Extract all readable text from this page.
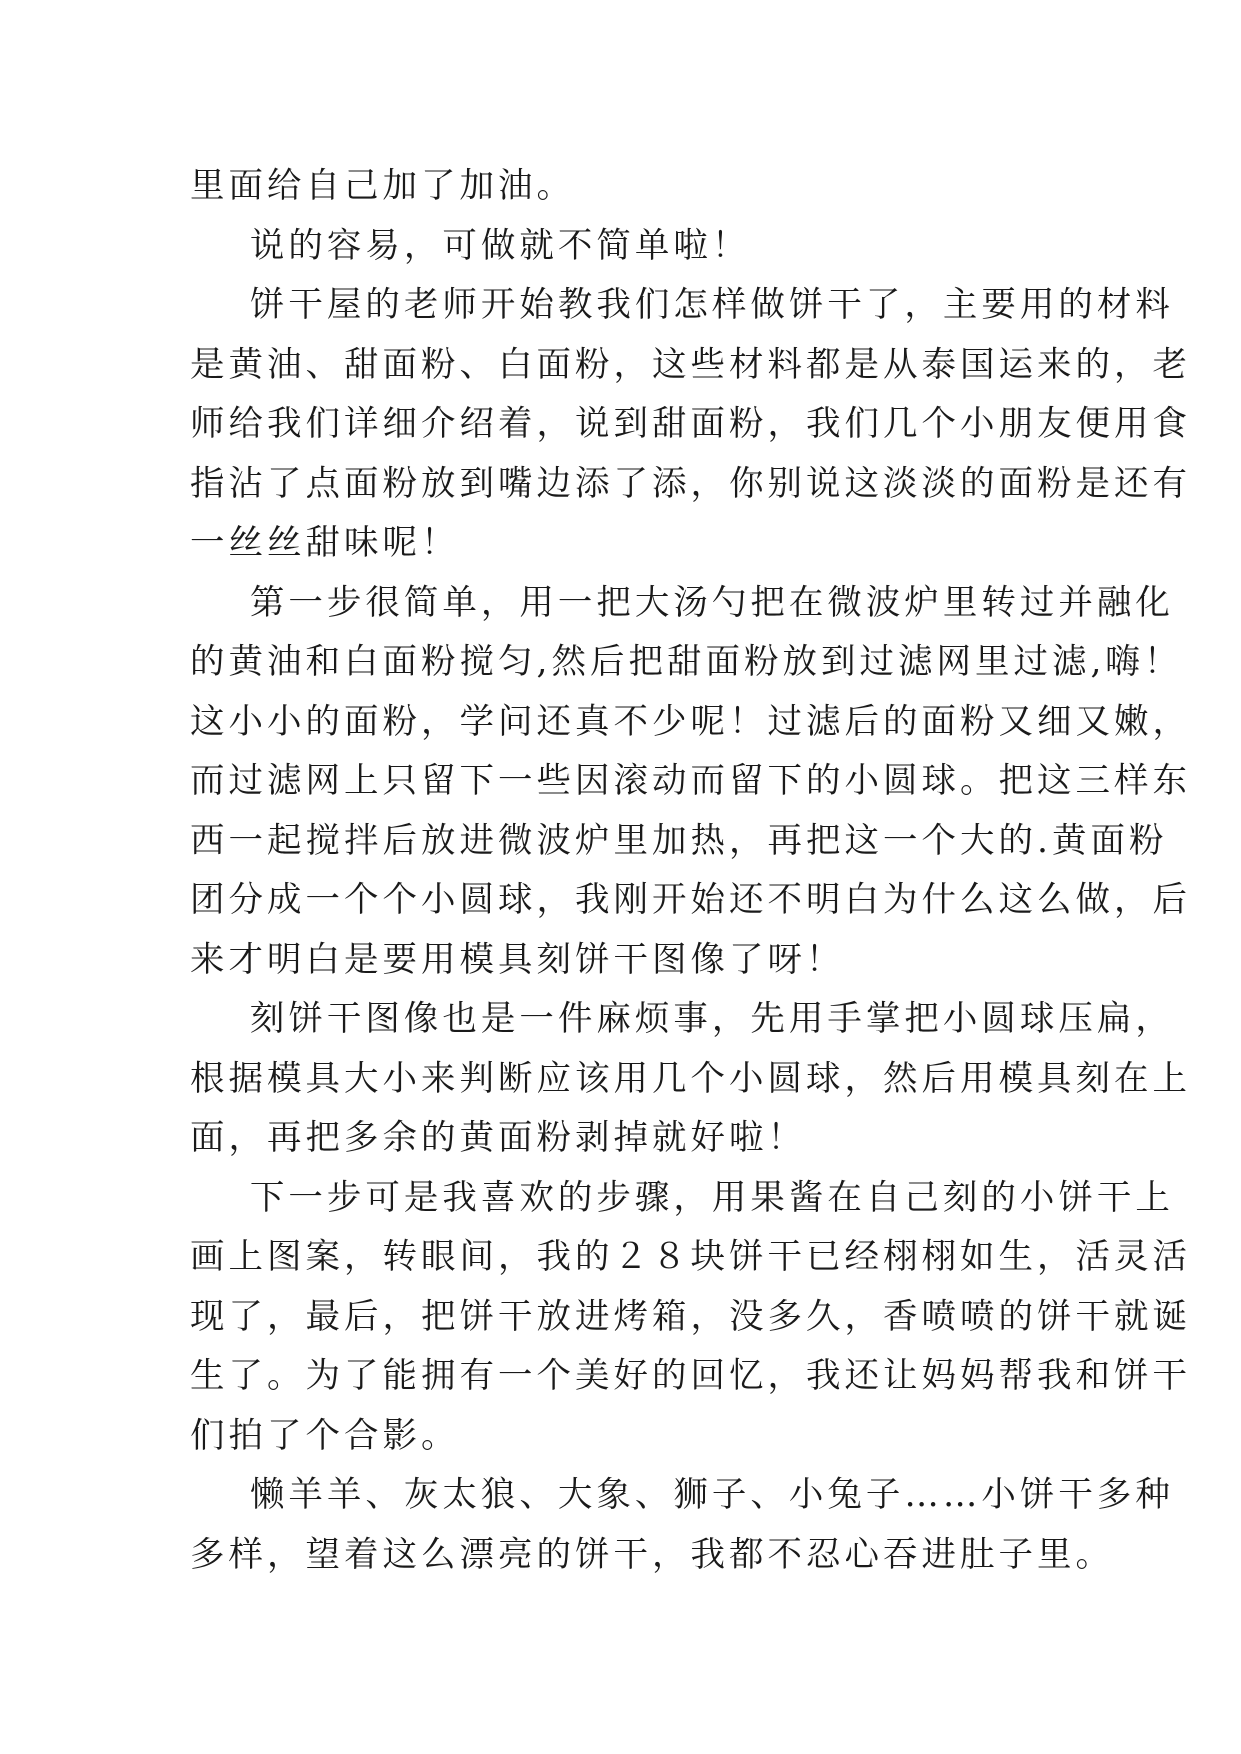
里面给自己加了加油。
说的容易，可做就不简单啦！
饼干屋的老师开始教我们怎样做饼干了，主要用的材料
是黄油、甜面粉、白面粉，这些材料都是从泰国运来的，老
师给我们详细介绍着，说到甜面粉，我们几个小朋友便用食
指沾了点面粉放到嘴边添了添，你别说这淡淡的面粉是还有
一丝丝甜味呢！
第一步很简单，用一把大汤勺把在微波炉里转过并融化
的黄油和白面粉搅匀,然后把甜面粉放到过滤网里过滤,嗨！
这小小的面粉，学问还真不少呢！过滤后的面粉又细又嫩，
而过滤网上只留下一些因滚动而留下的小圆球。把这三样东
西一起搅拌后放进微波炉里加热，再把这一个大的.黄面粉
团分成一个个小圆球，我刚开始还不明白为什么这么做，后
来才明白是要用模具刻饼干图像了呀！
刻饼干图像也是一件麻烦事，先用手掌把小圆球压扁，
根据模具大小来判断应该用几个小圆球，然后用模具刻在上
面，再把多余的黄面粉剥掉就好啦！
下一步可是我喜欢的步骤，用果酱在自己刻的小饼干上
画上图案，转眼间，我的２８块饼干已经栩栩如生，活灵活
现了，最后，把饼干放进烤箱，没多久，香喷喷的饼干就诞
生了。为了能拥有一个美好的回忆，我还让妈妈帮我和饼干
们拍了个合影。
懒羊羊、灰太狼、大象、狮子、小兔子……小饼干多种
多样，望着这么漂亮的饼干，我都不忍心吞进肚子里。
